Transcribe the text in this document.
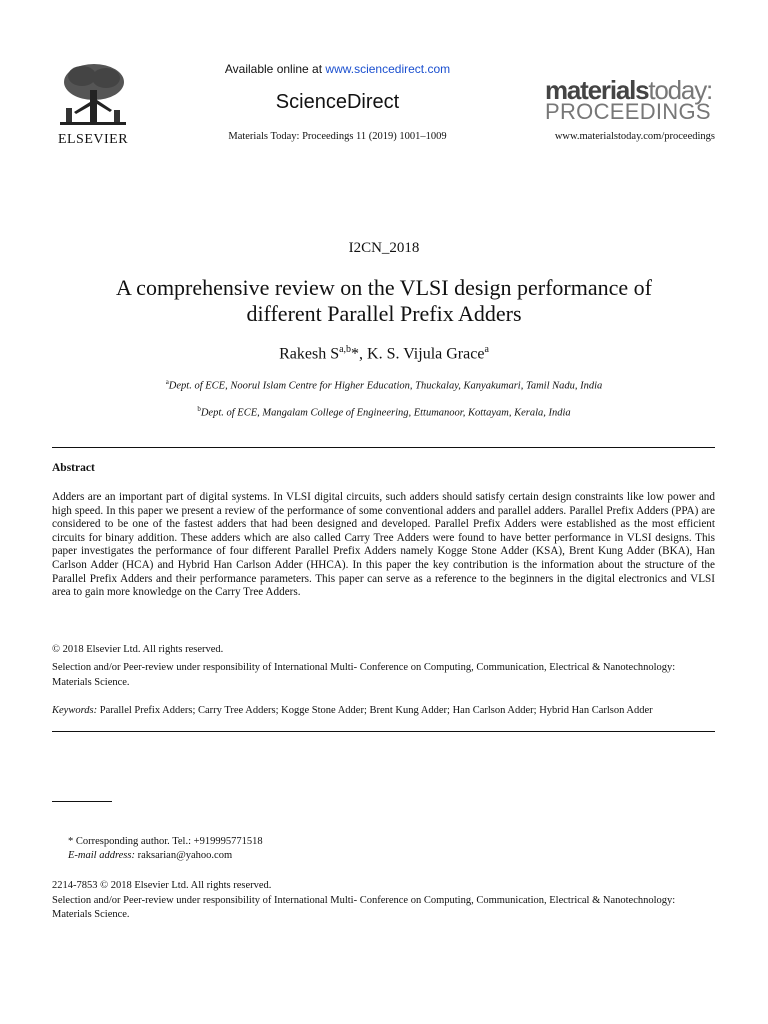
ELSEVIER
Available online at www.sciencedirect.com
ScienceDirect
Materials Today: Proceedings 11 (2019) 1001–1009
materialstoday:
PROCEEDINGS
www.materialstoday.com/proceedings
I2CN_2018
A comprehensive review on the VLSI design performance of
different Parallel Prefix Adders
Rakesh S$^{a,b}$*, K. S. Vijula Grace$^a$
$^a$Dept. of ECE, Noorul Islam Centre for Higher Education, Thuckalay, Kanyakumari, Tamil Nadu, India
$^b$Dept. of ECE, Mangalam College of Engineering, Ettumanoor, Kottayam, Kerala, India
Abstract
Adders are an important part of digital systems. In VLSI digital circuits, such adders should satisfy certain design constraints like low power and high speed. In this paper we present a review of the performance of some conventional adders and parallel adders. Parallel Prefix Adders (PPA) are considered to be one of the fastest adders that had been designed and developed. Parallel Prefix Adders were established as the most efficient circuits for binary addition. These adders which are also called Carry Tree Adders were found to have better performance in VLSI designs. This paper investigates the performance of four different Parallel Prefix Adders namely Kogge Stone Adder (KSA), Brent Kung Adder (BKA), Han Carlson Adder (HCA) and Hybrid Han Carlson Adder (HHCA). In this paper the key contribution is the information about the structure of the Parallel Prefix Adders and their performance parameters. This paper can serve as a reference to the beginners in the digital electronics and VLSI area to gain more knowledge on the Carry Tree Adders.
© 2018 Elsevier Ltd. All rights reserved.
Selection and/or Peer-review under responsibility of International Multi- Conference on Computing, Communication, Electrical & Nanotechnology: Materials Science.
Keywords: Parallel Prefix Adders; Carry Tree Adders; Kogge Stone Adder; Brent Kung Adder; Han Carlson Adder; Hybrid Han Carlson Adder
* Corresponding author. Tel.: +919995771518
E-mail address: raksarian@yahoo.com
2214-7853 © 2018 Elsevier Ltd. All rights reserved.
Selection and/or Peer-review under responsibility of International Multi- Conference on Computing, Communication, Electrical & Nanotechnology: Materials Science.
